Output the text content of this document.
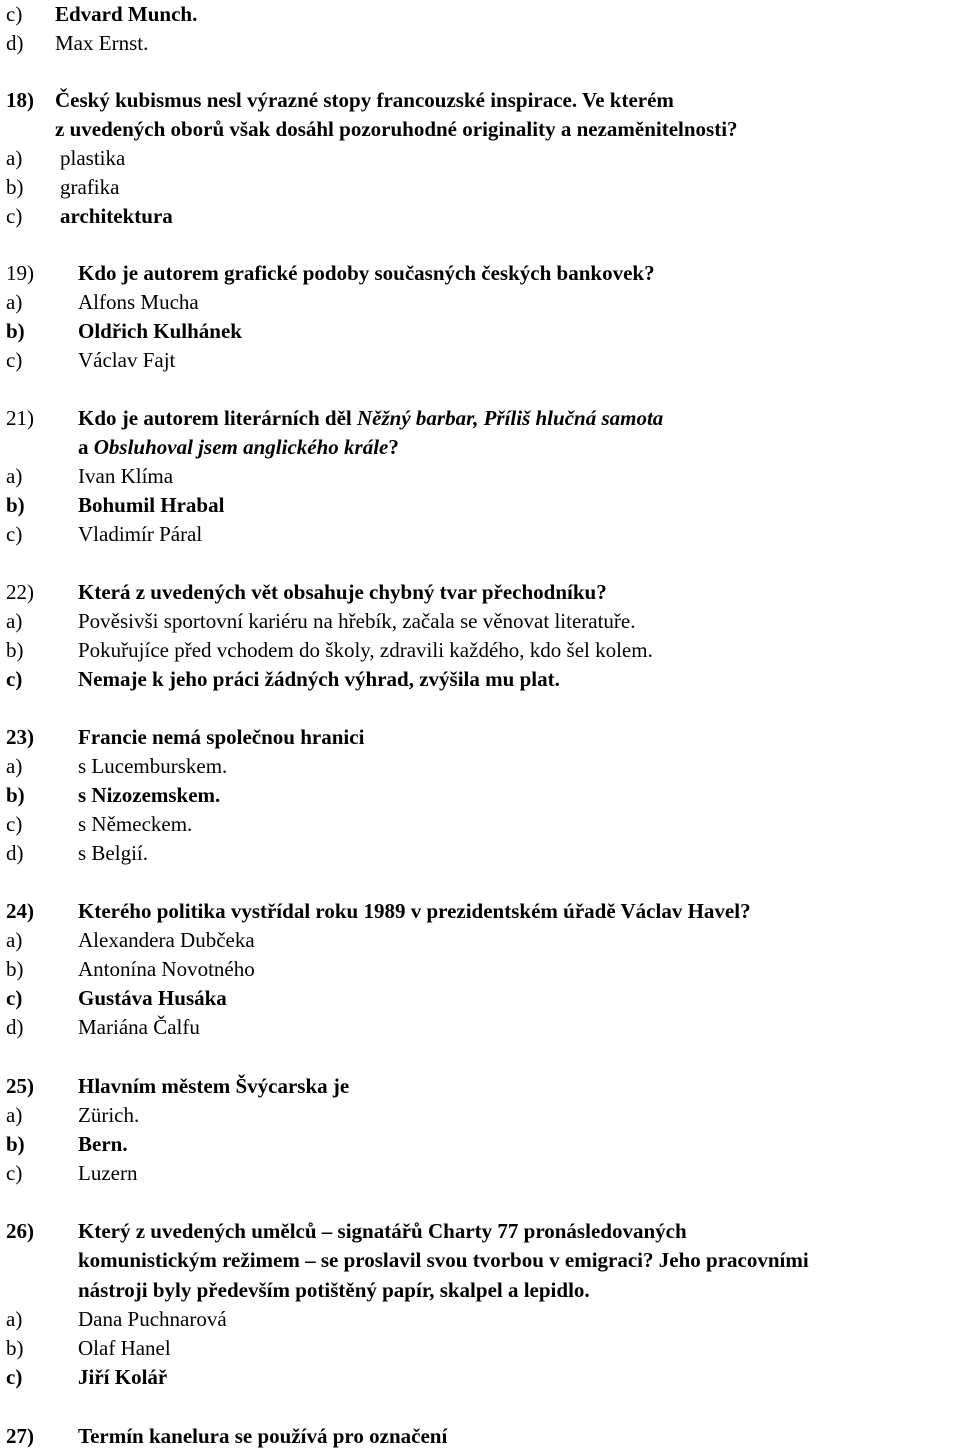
c) Edvard Munch.
d) Max Ernst.
18) Český kubismus nesl výrazné stopy francouzské inspirace. Ve kterém
z uvedených oborů však dosáhl pozoruhodné originality a nezaměnitelnosti?
a) plastika
b) grafika
c) architektura
19) Kdo je autorem grafické podoby současných českých bankovek?
a)	Alfons Mucha
b)	Oldřich Kulhánek
c)	Václav Fajt
21) Kdo je autorem literárních děl Něžný barbar, Příliš hlučná samota
a Obsluhoval jsem anglického krále?
a)	Ivan Klíma
b)	Bohumil Hrabal
c)	Vladimír Páral
22) Která z uvedených vět obsahuje chybný tvar přechodníku?
a)	Pověsivši sportovní kariéru na hřebík, začala se věnovat literatuře.
b)	Pokuřujíce před vchodem do školy, zdravili každého, kdo šel kolem.
c)	Nemaje k jeho práci žádných výhrad, zvýšila mu plat.
23) Francie nemá společnou hranici
a)	s Lucemburskem.
b)	s Nizozemskem.
c)	s Německem.
d)	s Belgií.
24) Kterého politika vystřídal roku 1989 v prezidentském úřadě Václav Havel?
a)	Alexandera Dubčeka
b)	Antonína Novotného
c)	Gustáva Husáka
d)	Mariána Čalfu
25) Hlavním městem Švýcarska je
a)	Zürich.
b)	Bern.
c)	Luzern
26) Který z uvedených umělců – signatářů Charty 77 pronásledovaných
komunistickým režimem – se proslavil svou tvorbou v emigraci? Jeho pracovními
nástroji byly především potištěný papír, skalpel a lepidlo.
a)	Dana Puchnarová
b)	Olaf Hanel
c)	Jiří Kolář
27) Termín kanelura se používá pro označení
